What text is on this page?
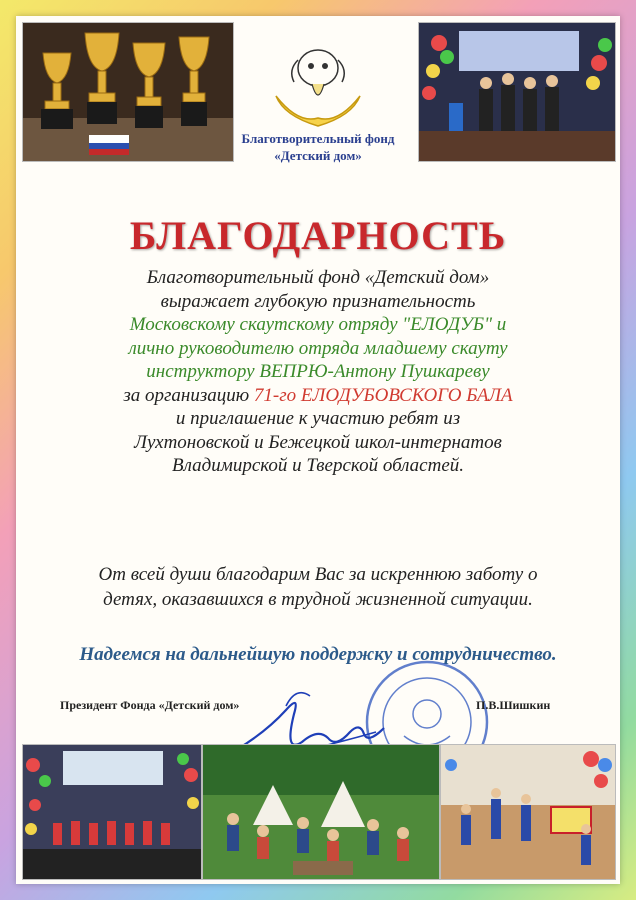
Благотворительный фонд
«Детский дом»
БЛАГОДАРНОСТЬ
Благотворительный фонд «Детский дом»
выражает глубокую признательность
Московскому скаутскому отряду "ЕЛОДУБ" и
лично руководителю отряда младшему скауту
инструктору ВЕПРЮ-Антону Пушкареву
за организацию 71-го ЕЛОДУБОВСКОГО БАЛА
и приглашение к участию ребят из
Лухтоновской и Бежецкой школ-интернатов
Владимирской и Тверской областей.
От всей души благодарим Вас за искреннюю заботу о
детях, оказавшихся в трудной жизненной ситуации.
Надеемся на дальнейшую поддержку и сотрудничество.
Президент Фонда «Детский дом»	П.В.Шишкин
